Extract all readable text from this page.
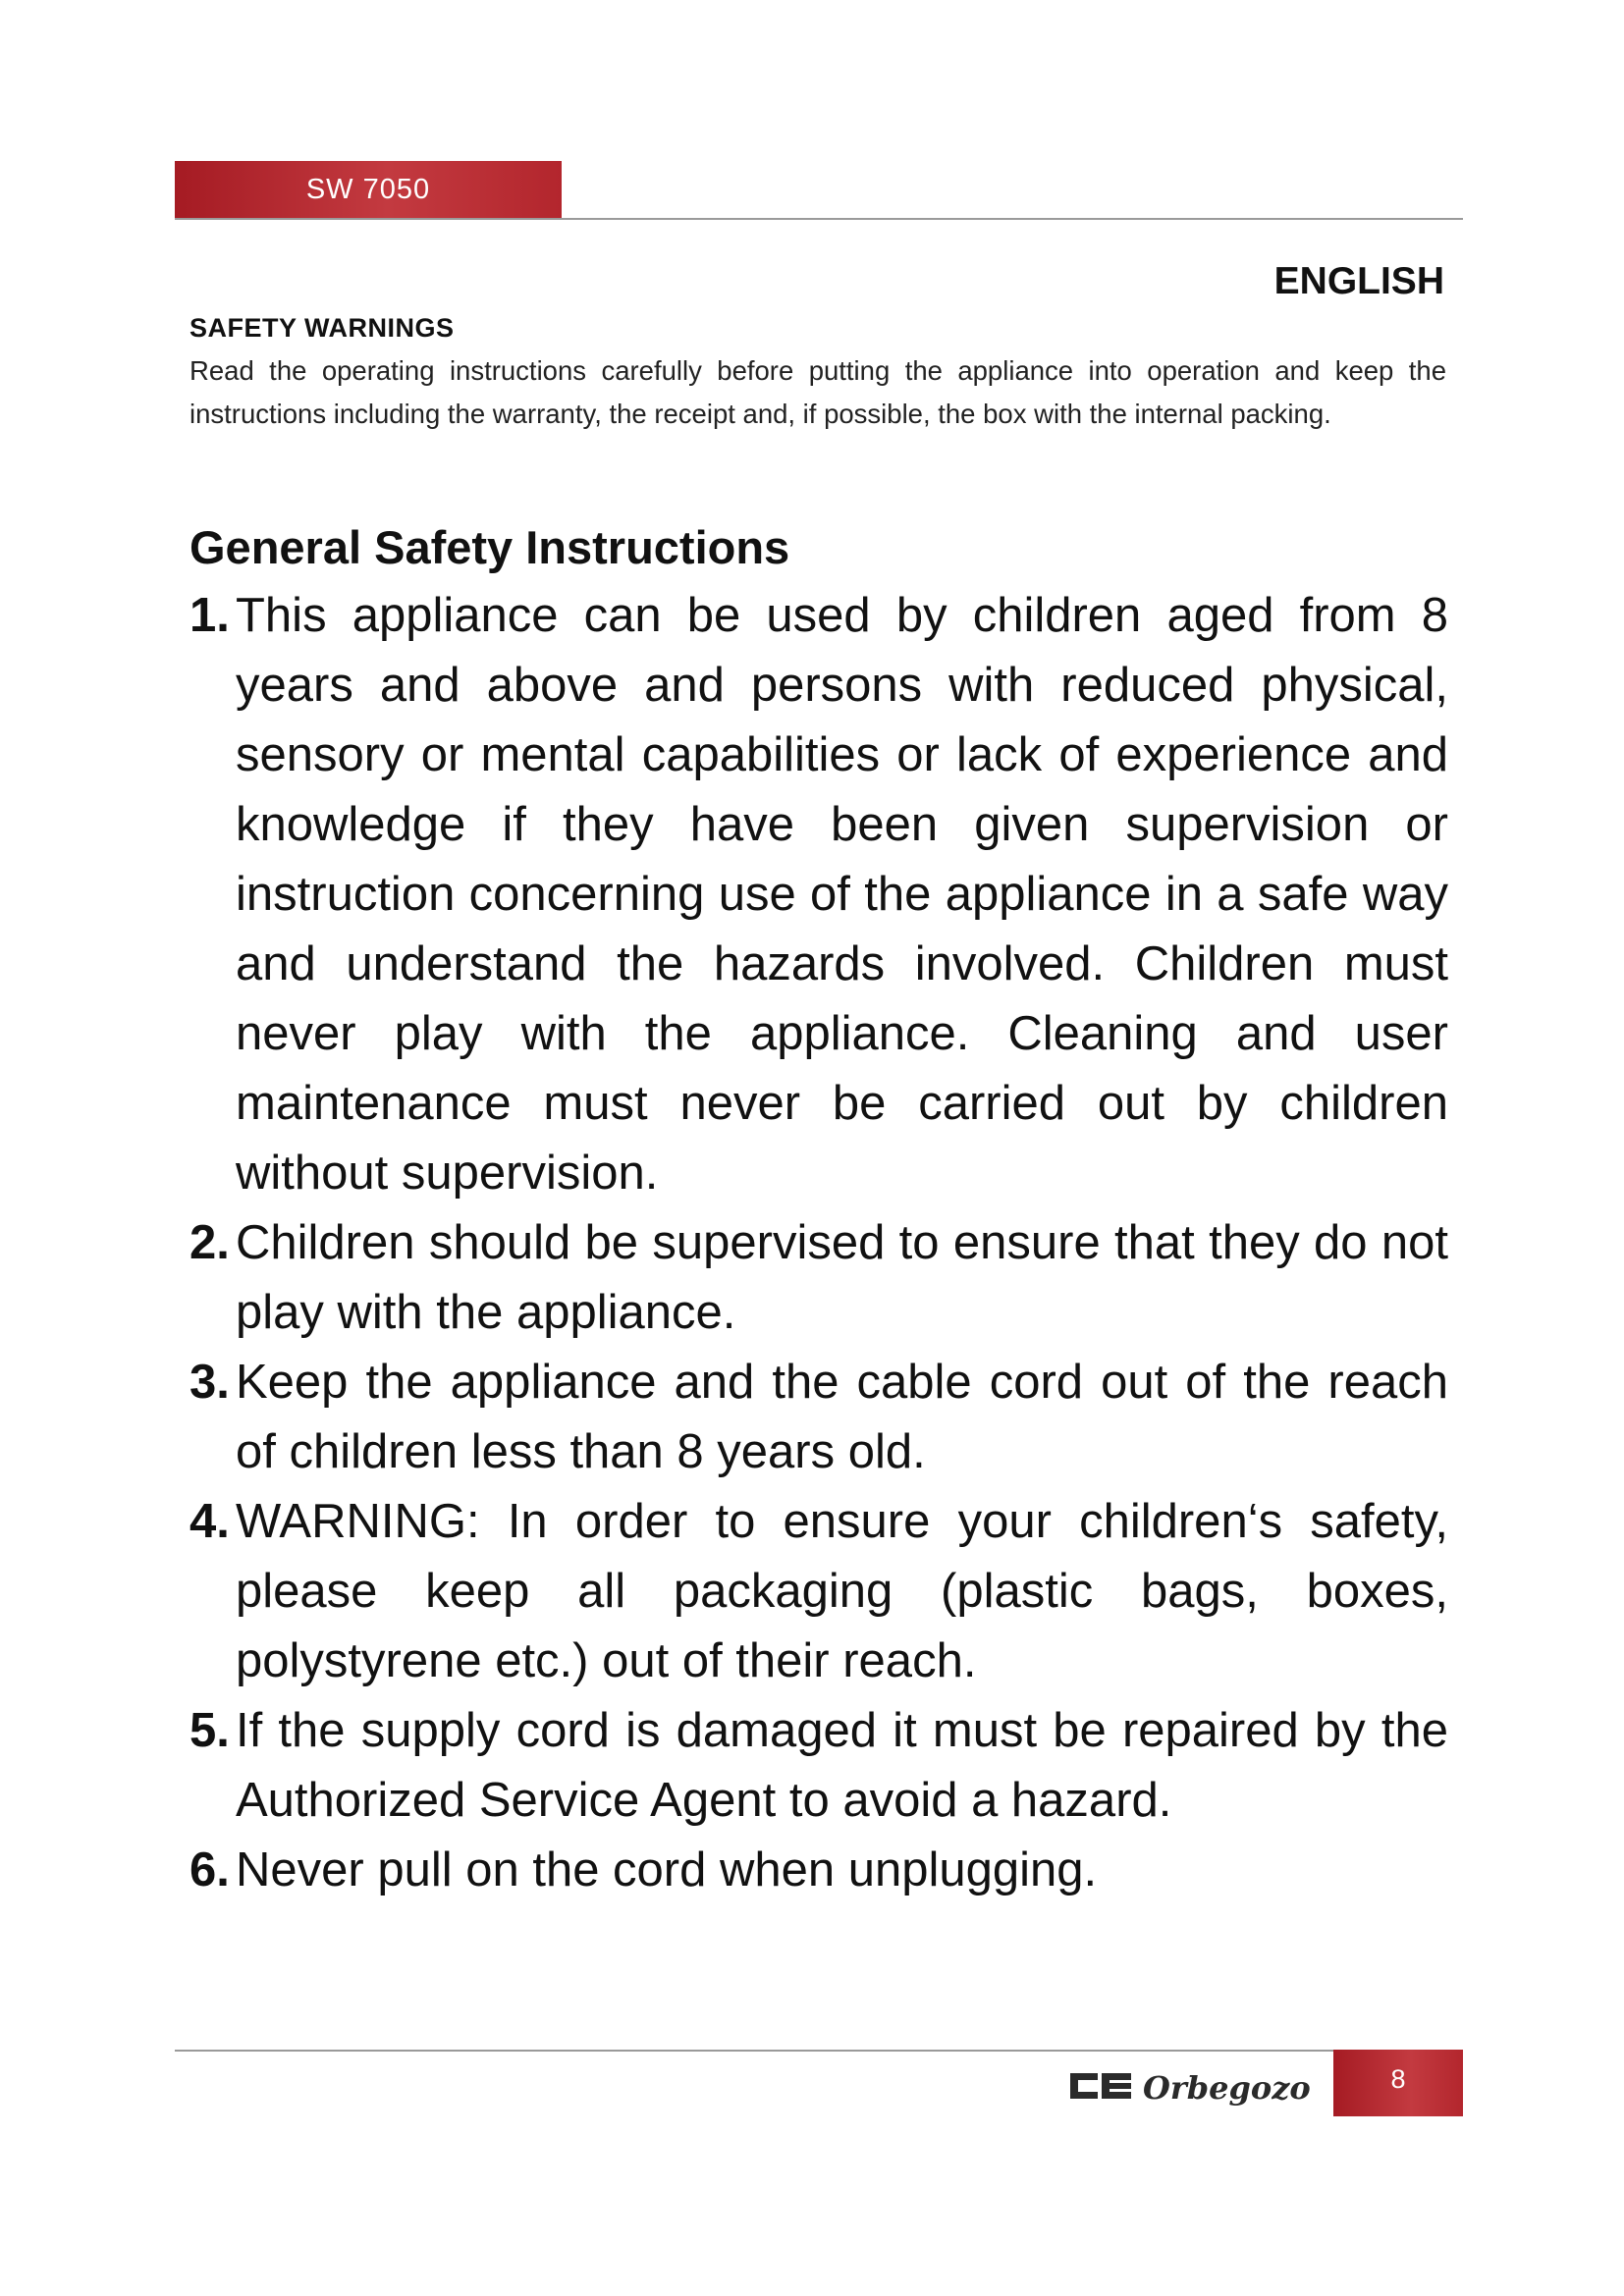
SW 7050
ENGLISH
SAFETY WARNINGS

Read the operating instructions carefully before putting the appliance into operation and keep the instructions including the warranty, the receipt and, if possible, the box with the internal packing.

General Safety Instructions
1. This appliance can be used by children aged from 8 years and above and persons with reduced physical, sensory or mental capabilities or lack of experience and knowledge if they have been given supervision or instruction concerning use of the appliance in a safe way and understand the hazards involved. Children must never play with the appliance. Cleaning and user maintenance must never be carried out by children without supervision.
2. Children should be supervised to ensure that they do not play with the appliance.
3. Keep the appliance and the cable cord out of the reach of children less than 8 years old.
4. WARNING: In order to ensure your children‘s safety, please keep all packaging (plastic bags, boxes, polystyrene etc.) out of their reach.
5. If the supply cord is damaged it must be repaired by the Authorized Service Agent to avoid a hazard.
6. Never pull on the cord when unplugging.
Orbegozo	8
